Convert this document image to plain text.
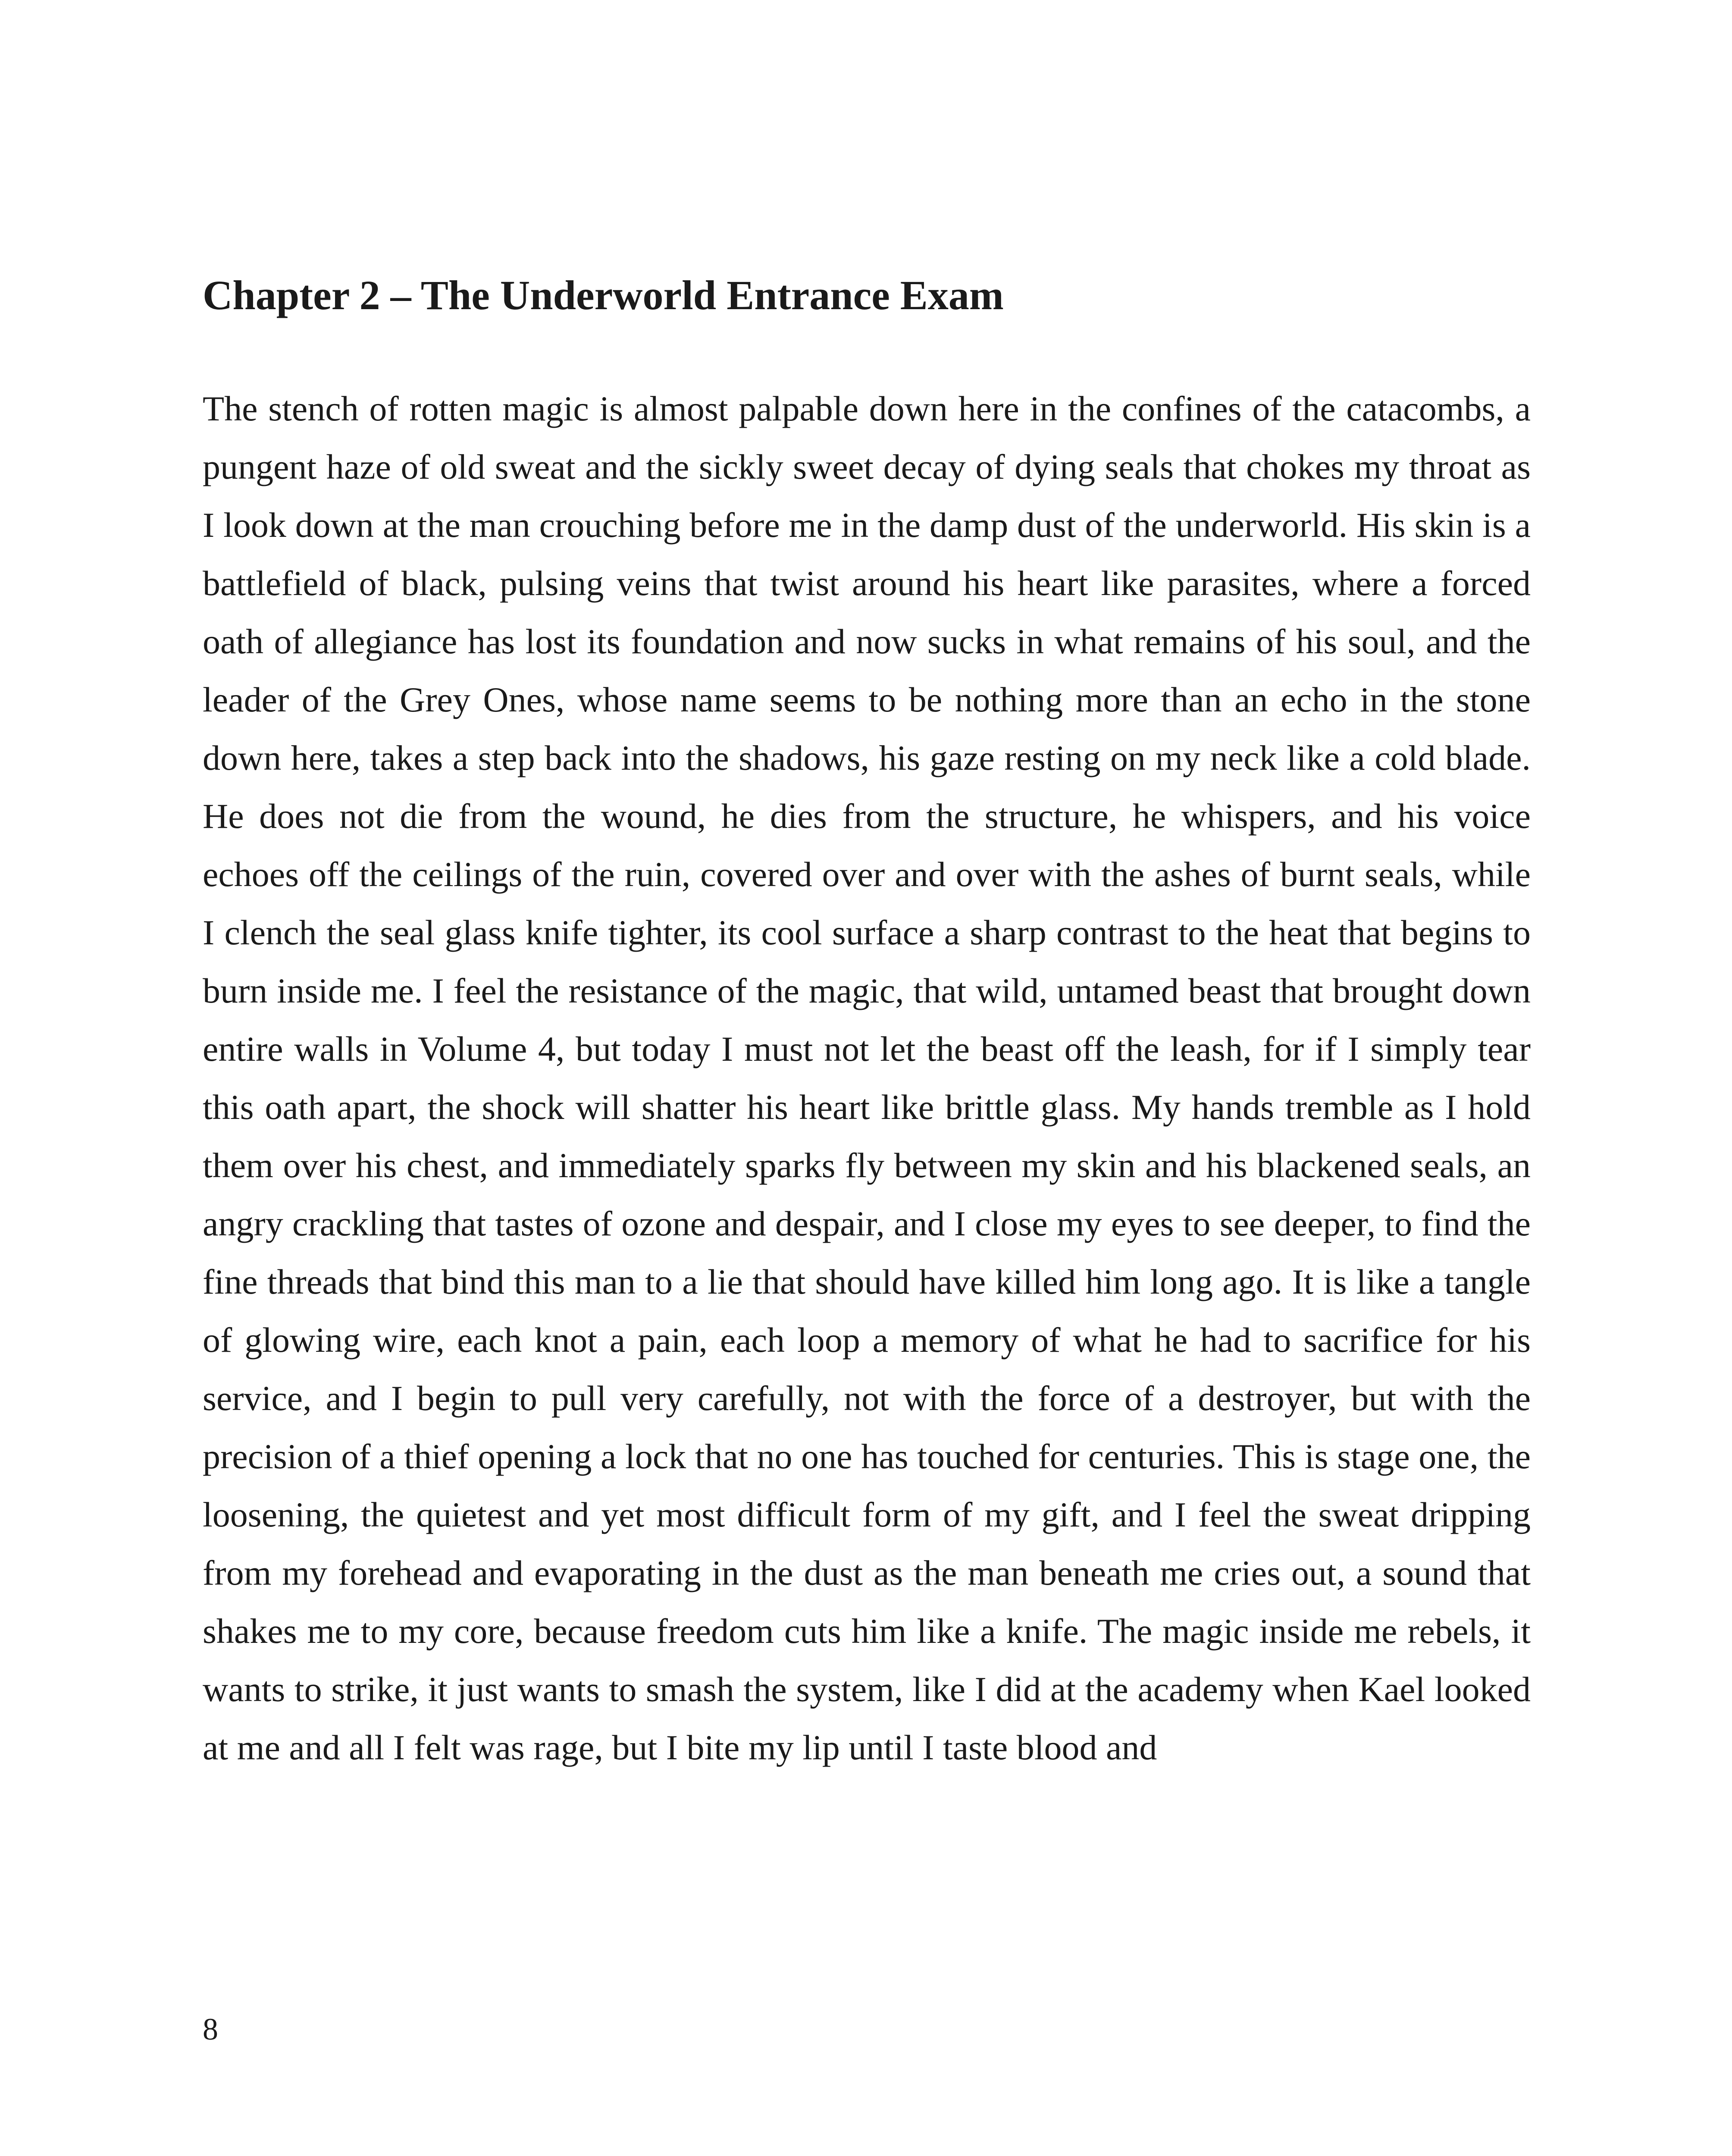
Chapter 2 – The Underworld Entrance Exam

The stench of rotten magic is almost palpable down here in the confines of the catacombs, a pungent haze of old sweat and the sickly sweet decay of dying seals that chokes my throat as I look down at the man crouching before me in the damp dust of the underworld. His skin is a battlefield of black, pulsing veins that twist around his heart like parasites, where a forced oath of allegiance has lost its foundation and now sucks in what remains of his soul, and the leader of the Grey Ones, whose name seems to be nothing more than an echo in the stone down here, takes a step back into the shadows, his gaze resting on my neck like a cold blade. He does not die from the wound, he dies from the structure, he whispers, and his voice echoes off the ceilings of the ruin, covered over and over with the ashes of burnt seals, while I clench the seal glass knife tighter, its cool surface a sharp contrast to the heat that begins to burn inside me. I feel the resistance of the magic, that wild, untamed beast that brought down entire walls in Volume 4, but today I must not let the beast off the leash, for if I simply tear this oath apart, the shock will shatter his heart like brittle glass. My hands tremble as I hold them over his chest, and immediately sparks fly between my skin and his blackened seals, an angry crackling that tastes of ozone and despair, and I close my eyes to see deeper, to find the fine threads that bind this man to a lie that should have killed him long ago. It is like a tangle of glowing wire, each knot a pain, each loop a memory of what he had to sacrifice for his service, and I begin to pull very carefully, not with the force of a destroyer, but with the precision of a thief opening a lock that no one has touched for centuries. This is stage one, the loosening, the quietest and yet most difficult form of my gift, and I feel the sweat dripping from my forehead and evaporating in the dust as the man beneath me cries out, a sound that shakes me to my core, because freedom cuts him like a knife. The magic inside me rebels, it wants to strike, it just wants to smash the system, like I did at the academy when Kael looked at me and all I felt was rage, but I bite my lip until I taste blood and

8
